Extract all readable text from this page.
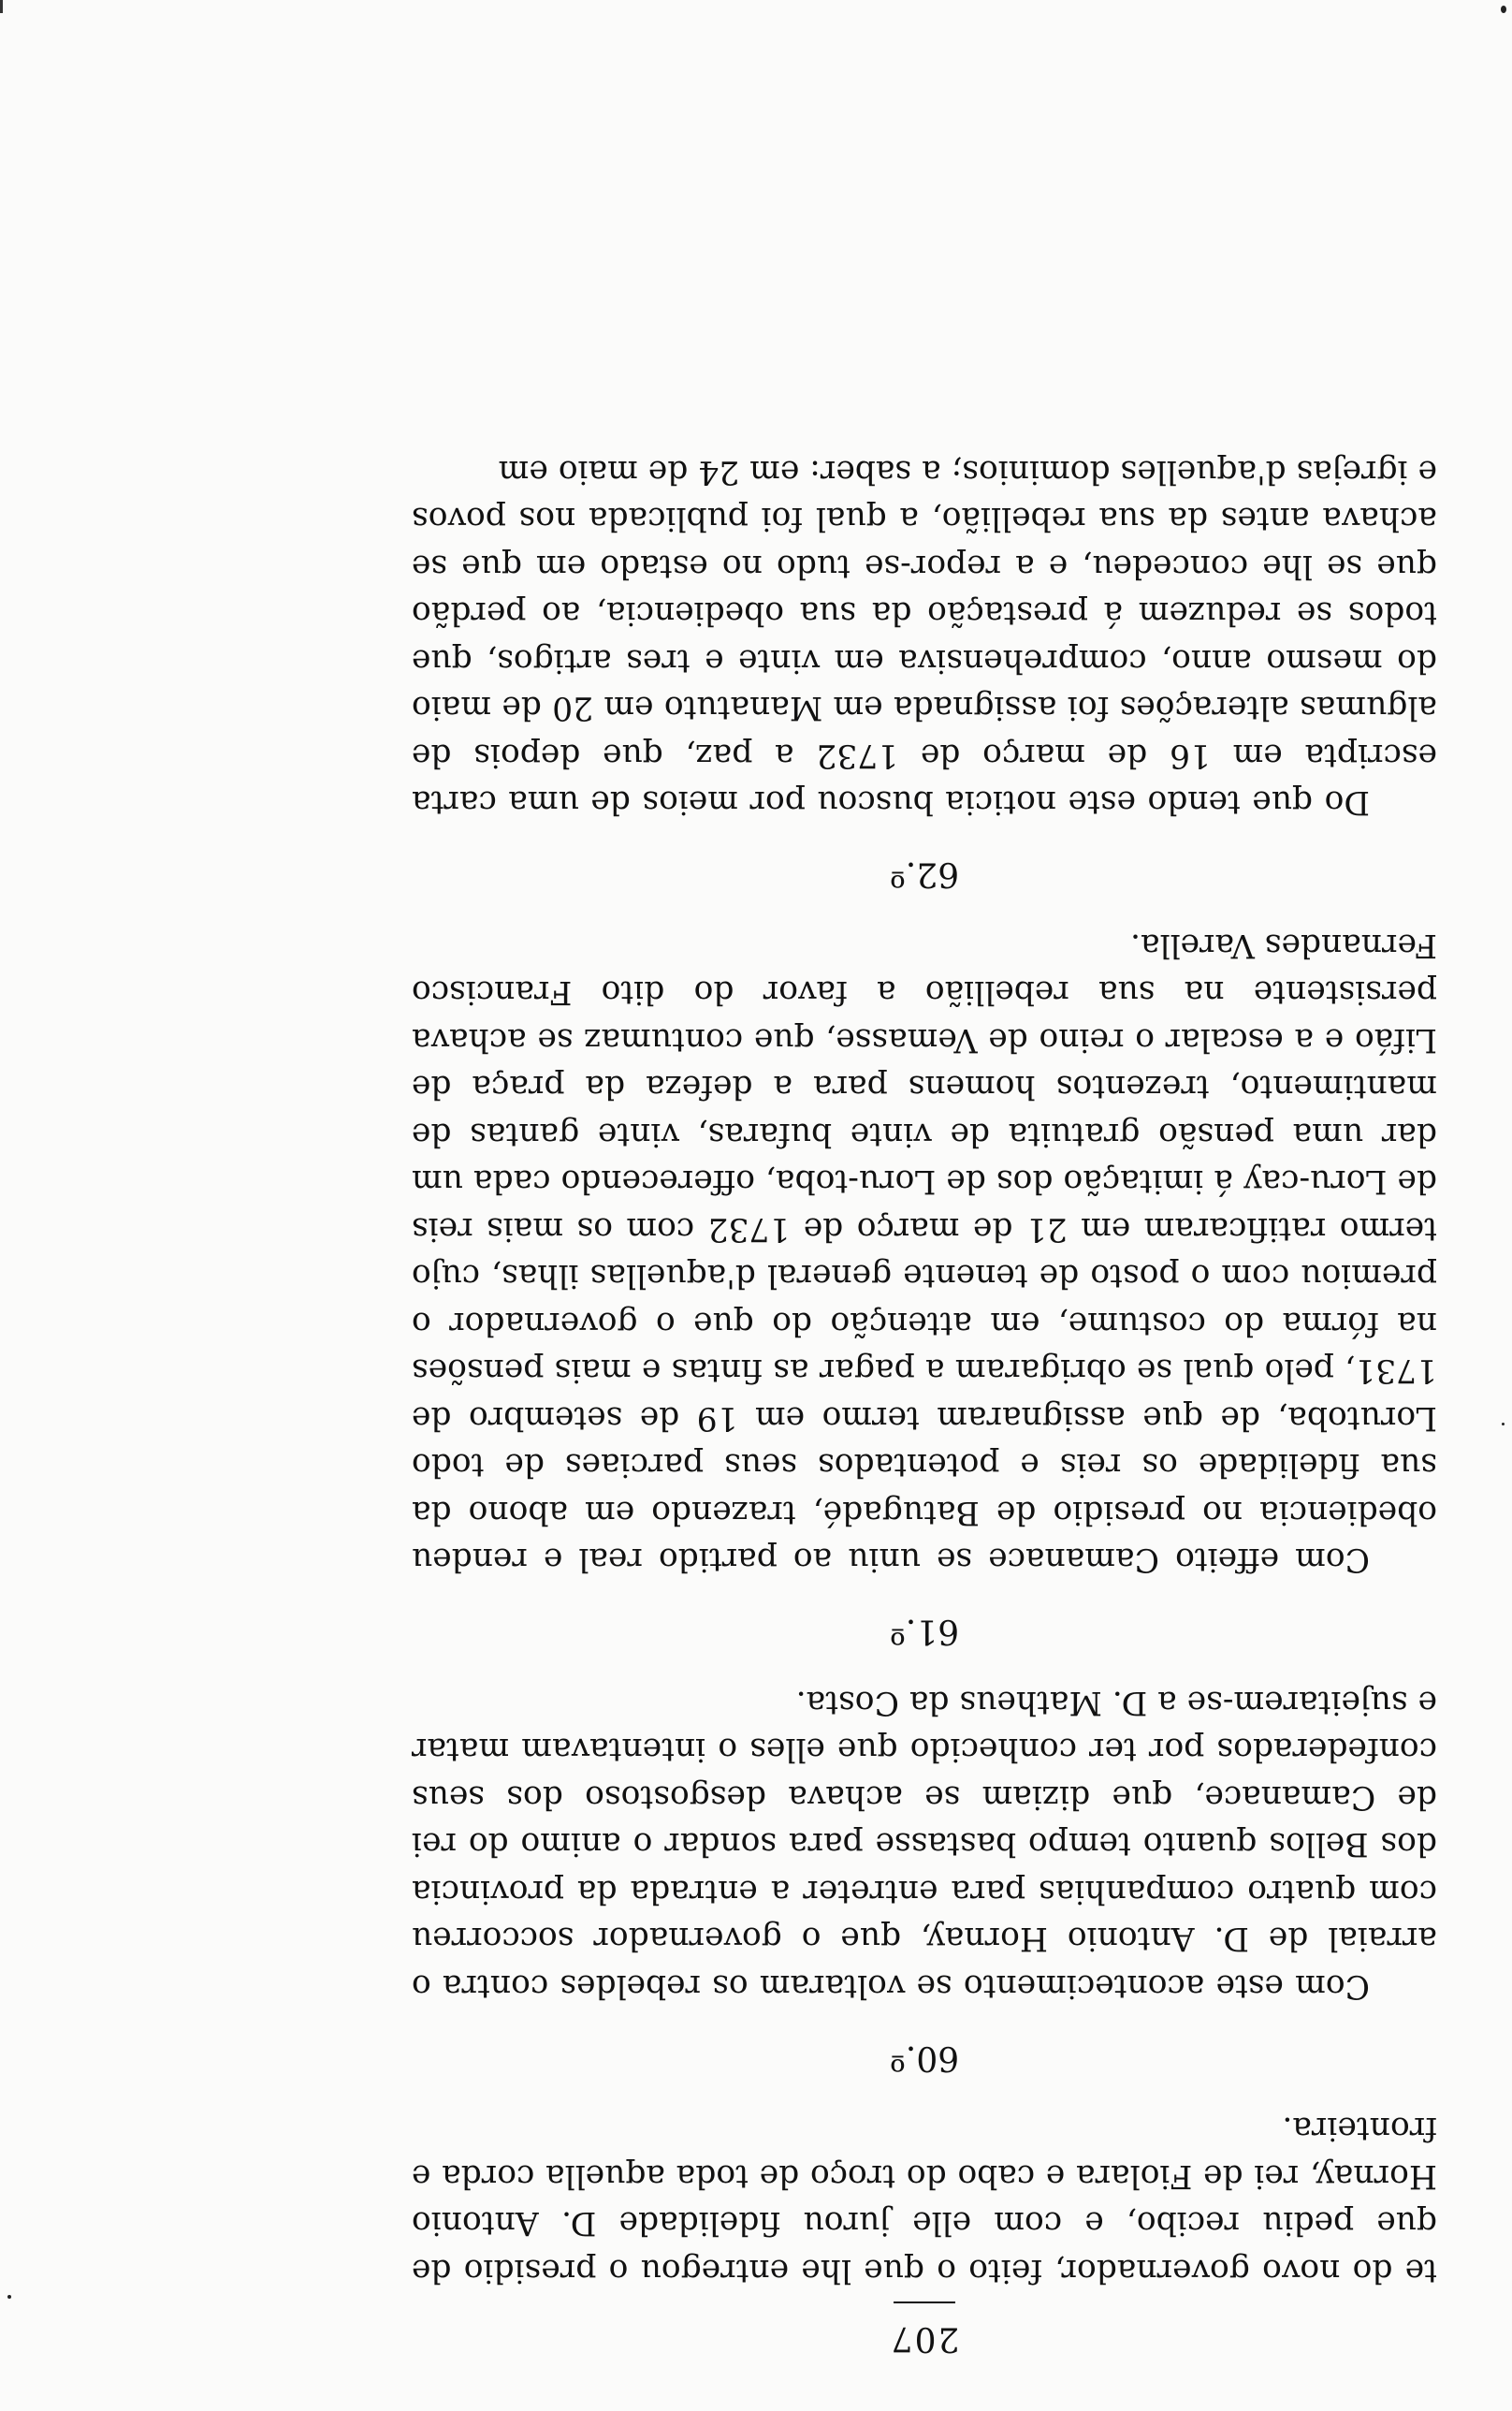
207

te do novo governador, feito o que lhe entregou o presidio de que pediu recibo, e com elle jurou fidelidade D. Antonio Hornay, rei de Fiolara e cabo do troço de toda aquella corda e fronteira.

60.º

Com este acontecimento se voltaram os rebeldes contra o arraial de D. Antonio Hornay, que o governador soccorreu com quatro companhias para entreter a entrada da provincia dos Bellos quanto tempo bastasse para sondar o animo do rei de Camanace, que diziam se achava desgostoso dos seus confederados por ter conhecido que elles o intentavam matar e sujeitarem-se a D. Matheus da Costa.

61.º

Com effeito Camanace se uniu ao partido real e rendeu obediencia no presidio de Batugadé, trazendo em abono da sua fidelidade os reis e potentados seus parciaes de todo Lorutoba, de que assignaram termo em 19 de setembro de 1731, pelo qual se obrigaram a pagar as fintas e mais pensões na fórma do costume, em attenção do que o governador o premiou com o posto de tenente general d'aquellas ilhas, cujo termo ratificaram em 21 de março de 1732 com os mais reis de Loru-cay á imitação dos de Loru-toba, offerecendo cada um dar uma pensão gratuita de vinte bufaras, vinte gantas de mantimento, trezentos homens para a defeza da praça de Lifáo e a escalar o reino de Vemasse, que contumaz se achava persistente na sua rebellião a favor do dito Francisco Fernandes Varella.

62.º

Do que tendo este noticia buscou por meios de uma carta escripta em 16 de março de 1732 a paz, que depois de algumas alterações foi assignada em Manatuto em 20 de maio do mesmo anno, comprehensiva em vinte e tres artigos, que todos se reduzem á prestação da sua obediencia, ao perdão que se lhe concedeu, e a repor-se tudo no estado em que se achava antes da sua rebellião, a qual foi publicada nos povos e igrejas d'aquelles dominios; a saber: em 24 de maio em
